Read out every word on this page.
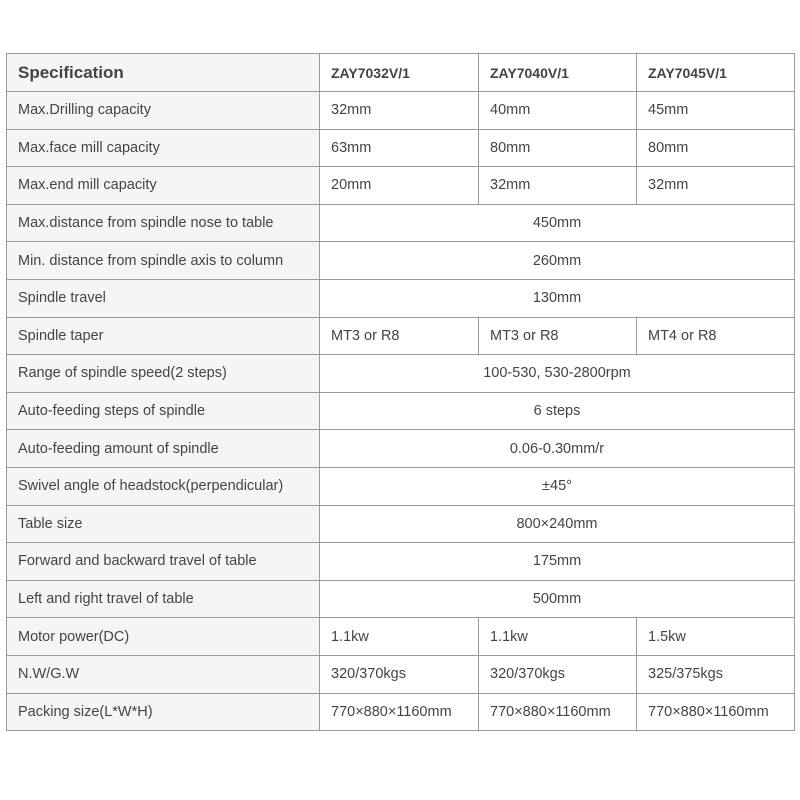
Specification	ZAY7032V/1	ZAY7040V/1	ZAY7045V/1
Max.Drilling capacity	32mm	40mm	45mm
Max.face mill capacity	63mm	80mm	80mm
Max.end mill capacity	20mm	32mm	32mm
Max.distance from spindle nose to table	450mm		
Min. distance from spindle axis to column	260mm		
Spindle travel	130mm		
Spindle taper	MT3 or R8	MT3 or R8	MT4 or R8
Range of spindle speed(2 steps)	100-530, 530-2800rpm		
Auto-feeding steps of spindle	6 steps		
Auto-feeding amount of spindle	0.06-0.30mm/r		
Swivel angle of headstock(perpendicular)	±45°		
Table size	800×240mm		
Forward and backward travel of table	175mm		
Left and right travel of table	500mm		
Motor power(DC)	1.1kw	1.1kw	1.5kw
N.W/G.W	320/370kgs	320/370kgs	325/375kgs
Packing size(L*W*H)	770×880×1160mm	770×880×1160mm	770×880×1160mm
